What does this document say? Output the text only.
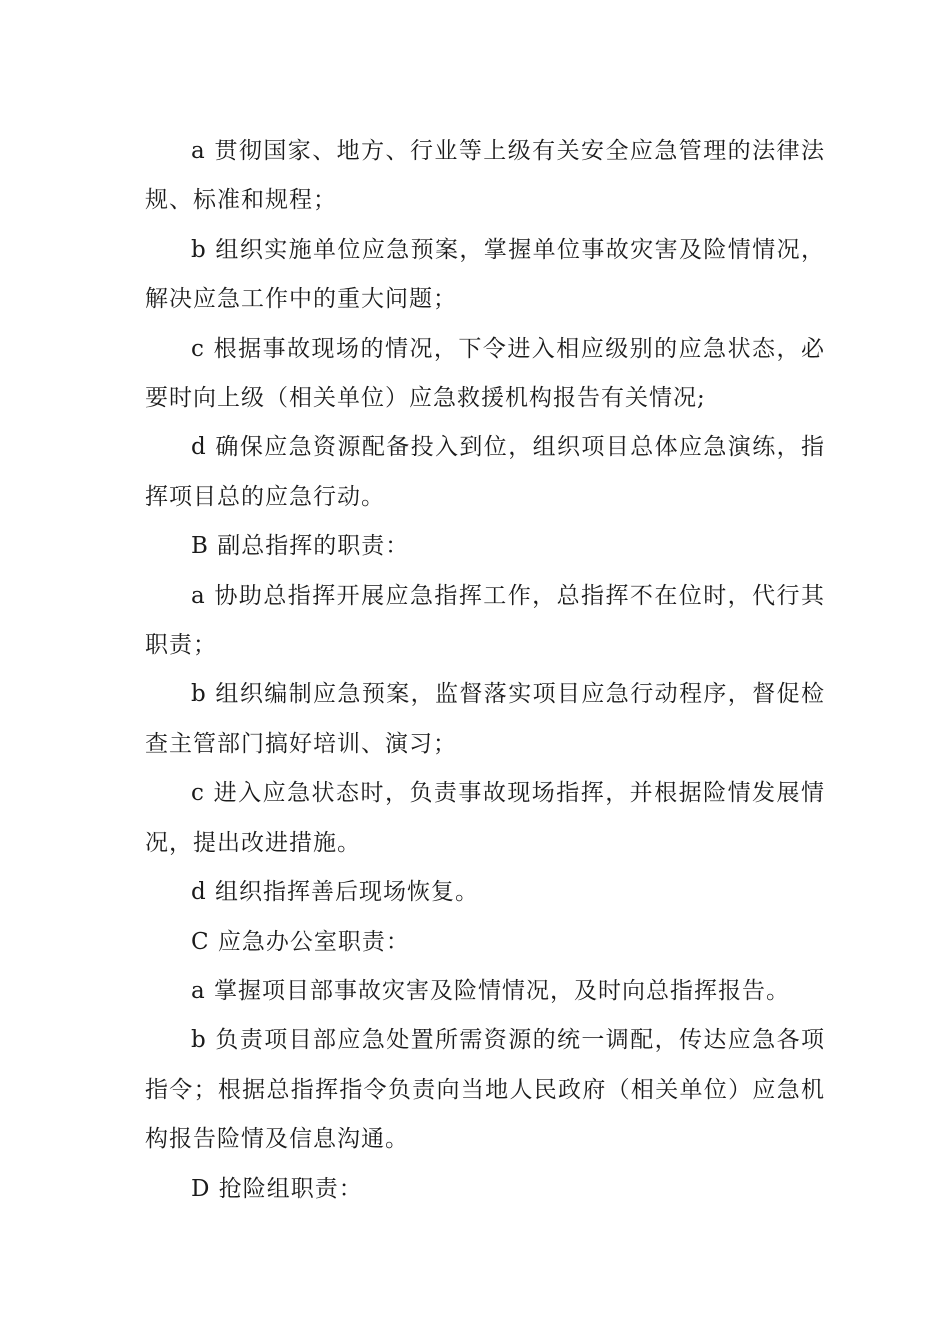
a 贯彻国家、地方、行业等上级有关安全应急管理的法律法规、标准和规程；

b 组织实施单位应急预案，掌握单位事故灾害及险情情况，解决应急工作中的重大问题；

c 根据事故现场的情况，下令进入相应级别的应急状态，必要时向上级（相关单位）应急救援机构报告有关情况;

d 确保应急资源配备投入到位，组织项目总体应急演练，指挥项目总的应急行动。

B 副总指挥的职责：

a 协助总指挥开展应急指挥工作，总指挥不在位时，代行其职责；

b 组织编制应急预案，监督落实项目应急行动程序，督促检查主管部门搞好培训、演习；

c 进入应急状态时，负责事故现场指挥，并根据险情发展情况，提出改进措施。

d 组织指挥善后现场恢复。

C 应急办公室职责：

a 掌握项目部事故灾害及险情情况，及时向总指挥报告。

b 负责项目部应急处置所需资源的统一调配，传达应急各项指令；根据总指挥指令负责向当地人民政府（相关单位）应急机构报告险情及信息沟通。

D 抢险组职责：
